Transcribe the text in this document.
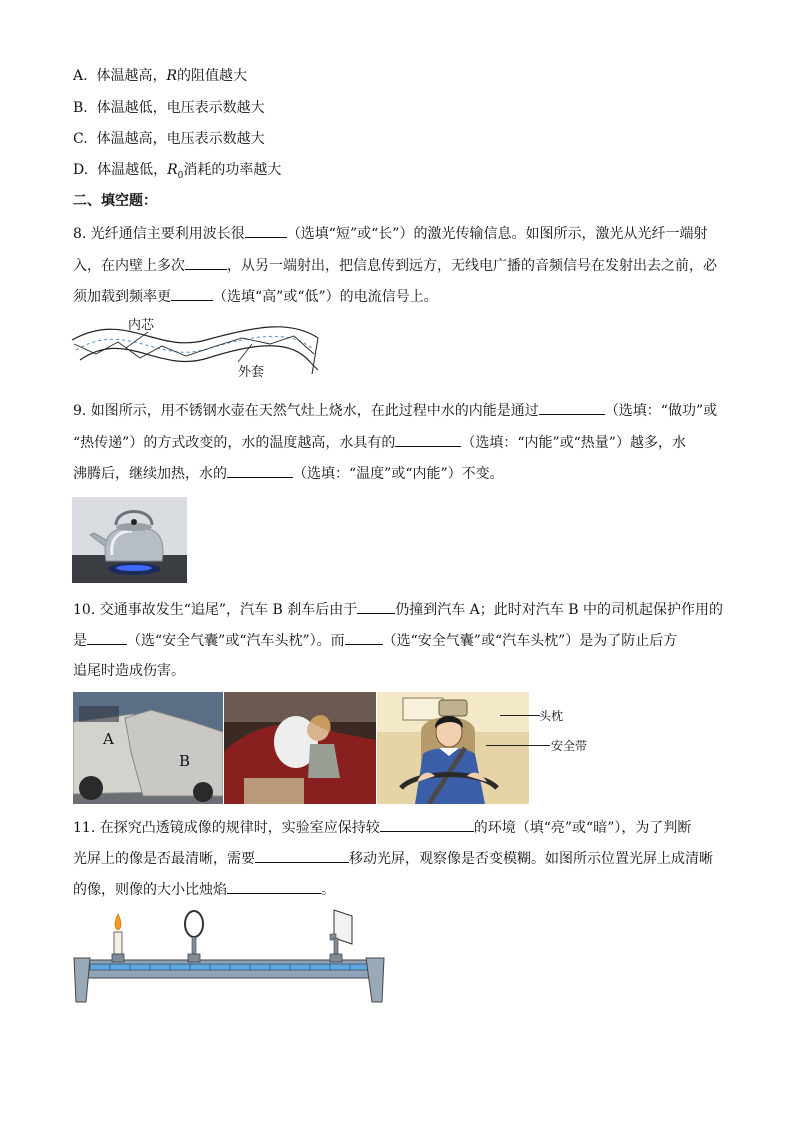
A. 体温越高，R的阻值越大
B. 体温越低，电压表示数越大
C. 体温越高，电压表示数越大
D. 体温越低，$R_0$消耗的功率越大
二、填空题：
8. 光纤通信主要利用波长很	（选填“短”或“长”）的激光传输信息。如图所示，激光从光纤一端射
入，在内壁上多次	，从另一端射出，把信息传到远方，无线电广播的音频信号在发射出去之前，必
须加载到频率更	（选填“高”或“低”）的电流信号上。
内芯
外套
9. 如图所示，用不锈钢水壶在天然气灶上烧水，在此过程中水的内能是通过	（选填：“做功”或
“热传递”）的方式改变的，水的温度越高，水具有的	（选填：“内能”或“热量”）越多，水
沸腾后，继续加热，水的	（选填：“温度”或“内能”）不变。
10. 交通事故发生“追尾”，汽车 B 刹车后由于	仍撞到汽车 A；此时对汽车 B 中的司机起保护作用的
是	（选“安全气囊”或“汽车头枕”）。而	（选“安全气囊”或“汽车头枕”）是为了防止后方
追尾时造成伤害。
A
B
头枕
安全带
11. 在探究凸透镜成像的规律时，实验室应保持较	的环境（填“亮”或“暗”），为了判断
光屏上的像是否最清晰，需要	移动光屏，观察像是否变模糊。如图所示位置光屏上成清晰
的像，则像的大小比烛焰	。
